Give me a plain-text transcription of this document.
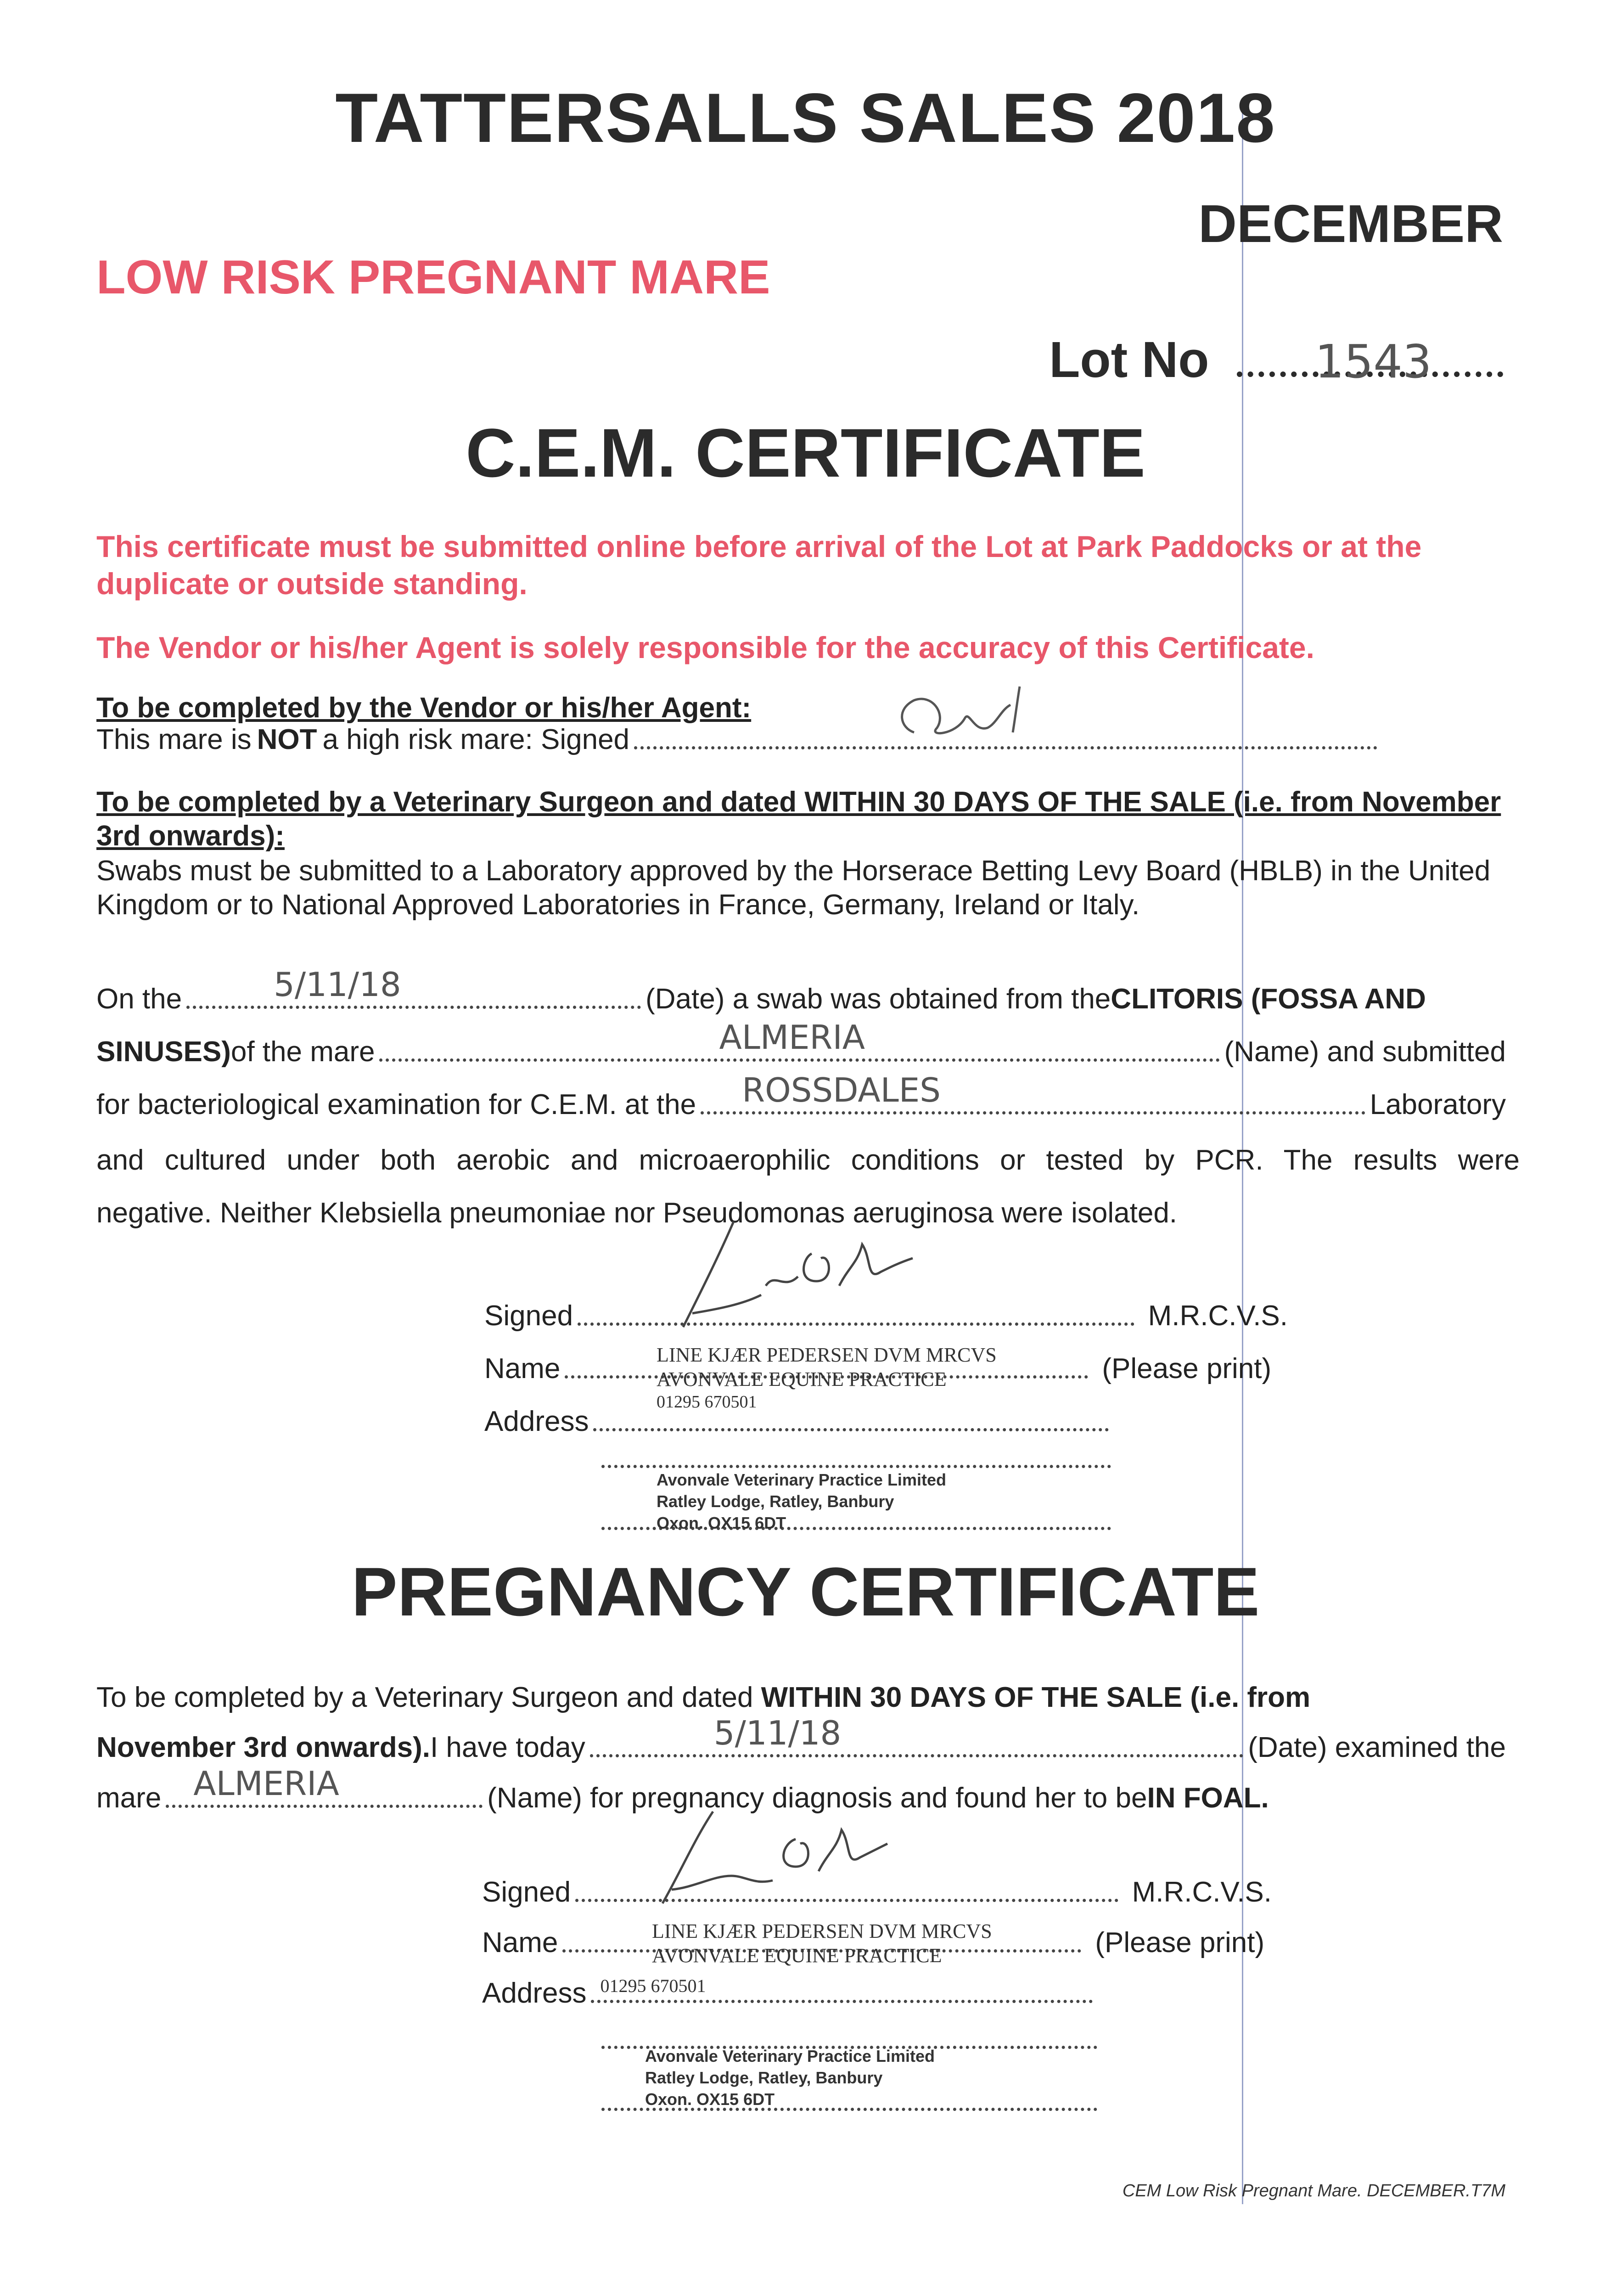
TATTERSALLS SALES 2018
DECEMBER
LOW RISK PREGNANT MARE
Lot No 1543
C.E.M. CERTIFICATE
This certificate must be submitted online before arrival of the Lot at Park Paddocks or at the duplicate or outside standing.
The Vendor or his/her Agent is solely responsible for the accuracy of this Certificate.
To be completed by the Vendor or his/her Agent:
This mare is NOT a high risk mare: Signed
To be completed by a Veterinary Surgeon and dated WITHIN 30 DAYS OF THE SALE (i.e. from November 3rd onwards):
Swabs must be submitted to a Laboratory approved by the Horserace Betting Levy Board (HBLB) in the United Kingdom or to National Approved Laboratories in France, Germany, Ireland or Italy.
On the	5/11/18	(Date) a swab was obtained from the CLITORIS (FOSSA AND
SINUSES) of the mare	ALMERIA	(Name) and submitted
for bacteriological examination for C.E.M. at the ROSSDALES	Laboratory
and cultured under both aerobic and microaerophilic conditions or tested by PCR. The results were
negative. Neither Klebsiella pneumoniae nor Pseudomonas aeruginosa were isolated.
Signed	M.R.C.V.S.
Name	(Please print)
LINE KJÆR PEDERSEN DVM MRCVS
AVONVALE EQUINE PRACTICE
01295 670501
Address
Avonvale Veterinary Practice Limited
Ratley Lodge, Ratley, Banbury
Oxon. OX15 6DT
PREGNANCY CERTIFICATE
To be completed by a Veterinary Surgeon and dated WITHIN 30 DAYS OF THE SALE (i.e. from
November 3rd onwards). I have today	5/11/18	(Date) examined the
mare ALMERIA	(Name) for pregnancy diagnosis and found her to be IN FOAL.
Signed	M.R.C.V.S.
Name	(Please print)
LINE KJÆR PEDERSEN DVM MRCVS
AVONVALE EQUINE PRACTICE
Address 01295 670501
Avonvale Veterinary Practice Limited
Ratley Lodge, Ratley, Banbury
Oxon. OX15 6DT
CEM Low Risk Pregnant Mare. DECEMBER.T7M
